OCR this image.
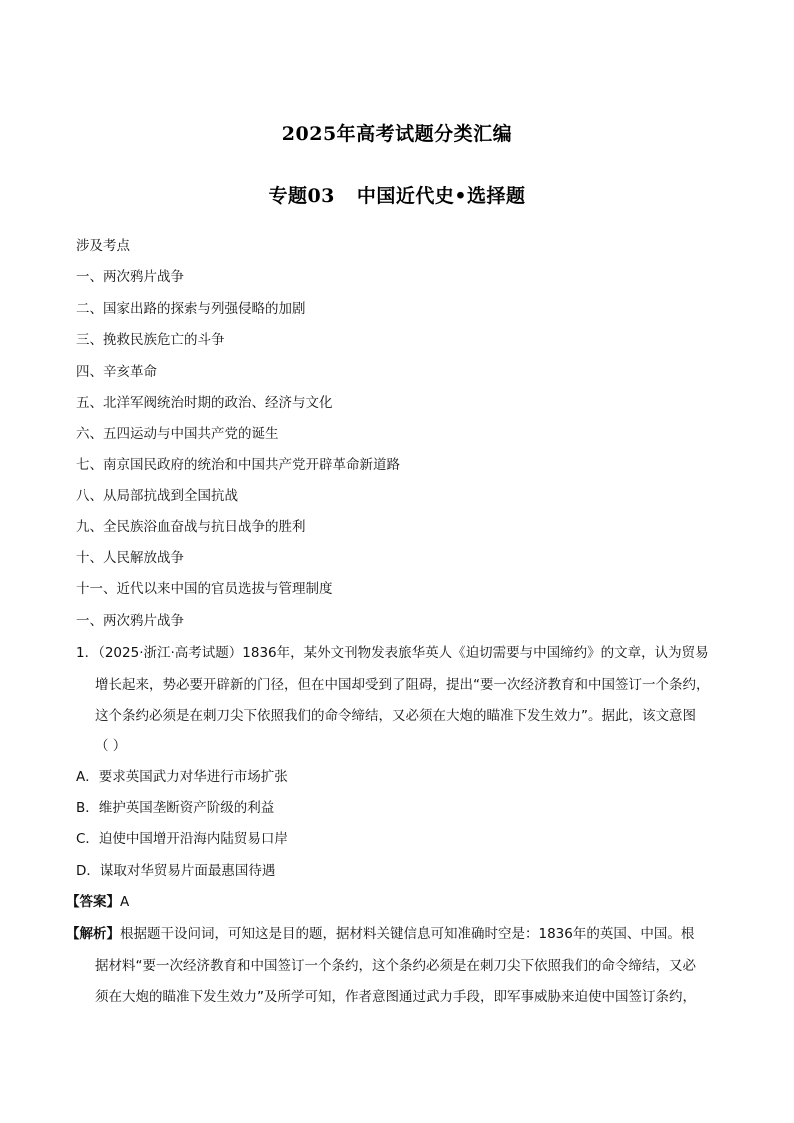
2025年高考试题分类汇编
专题03 中国近代史•选择题
涉及考点
一、两次鸦片战争
二、国家出路的探索与列强侵略的加剧
三、挽救民族危亡的斗争
四、辛亥革命
五、北洋军阀统治时期的政治、经济与文化
六、五四运动与中国共产党的诞生
七、南京国民政府的统治和中国共产党开辟革命新道路
八、从局部抗战到全国抗战
九、全民族浴血奋战与抗日战争的胜利
十、人民解放战争
十一、近代以来中国的官员选拔与管理制度
一、两次鸦片战争
1．（2025·浙江·高考试题）1836年，某外文刊物发表旅华英人《迫切需要与中国缔约》的文章，认为贸易
增长起来，势必要开辟新的门径，但在中国却受到了阻碍，提出“要一次经济教育和中国签订一个条约，
这个条约必须是在刺刀尖下依照我们的命令缔结，又必须在大炮的瞄准下发生效力”。据此，该文意图
（ ）
A．要求英国武力对华进行市场扩张
B．维护英国垄断资产阶级的利益
C．迫使中国增开沿海内陆贸易口岸
D．谋取对华贸易片面最惠国待遇
【答案】A
【解析】根据题干设问词，可知这是目的题，据材料关键信息可知准确时空是：1836年的英国、中国。根
据材料“要一次经济教育和中国签订一个条约，这个条约必须是在刺刀尖下依照我们的命令缔结，又必
须在大炮的瞄准下发生效力”及所学可知，作者意图通过武力手段，即军事威胁来迫使中国签订条约，
